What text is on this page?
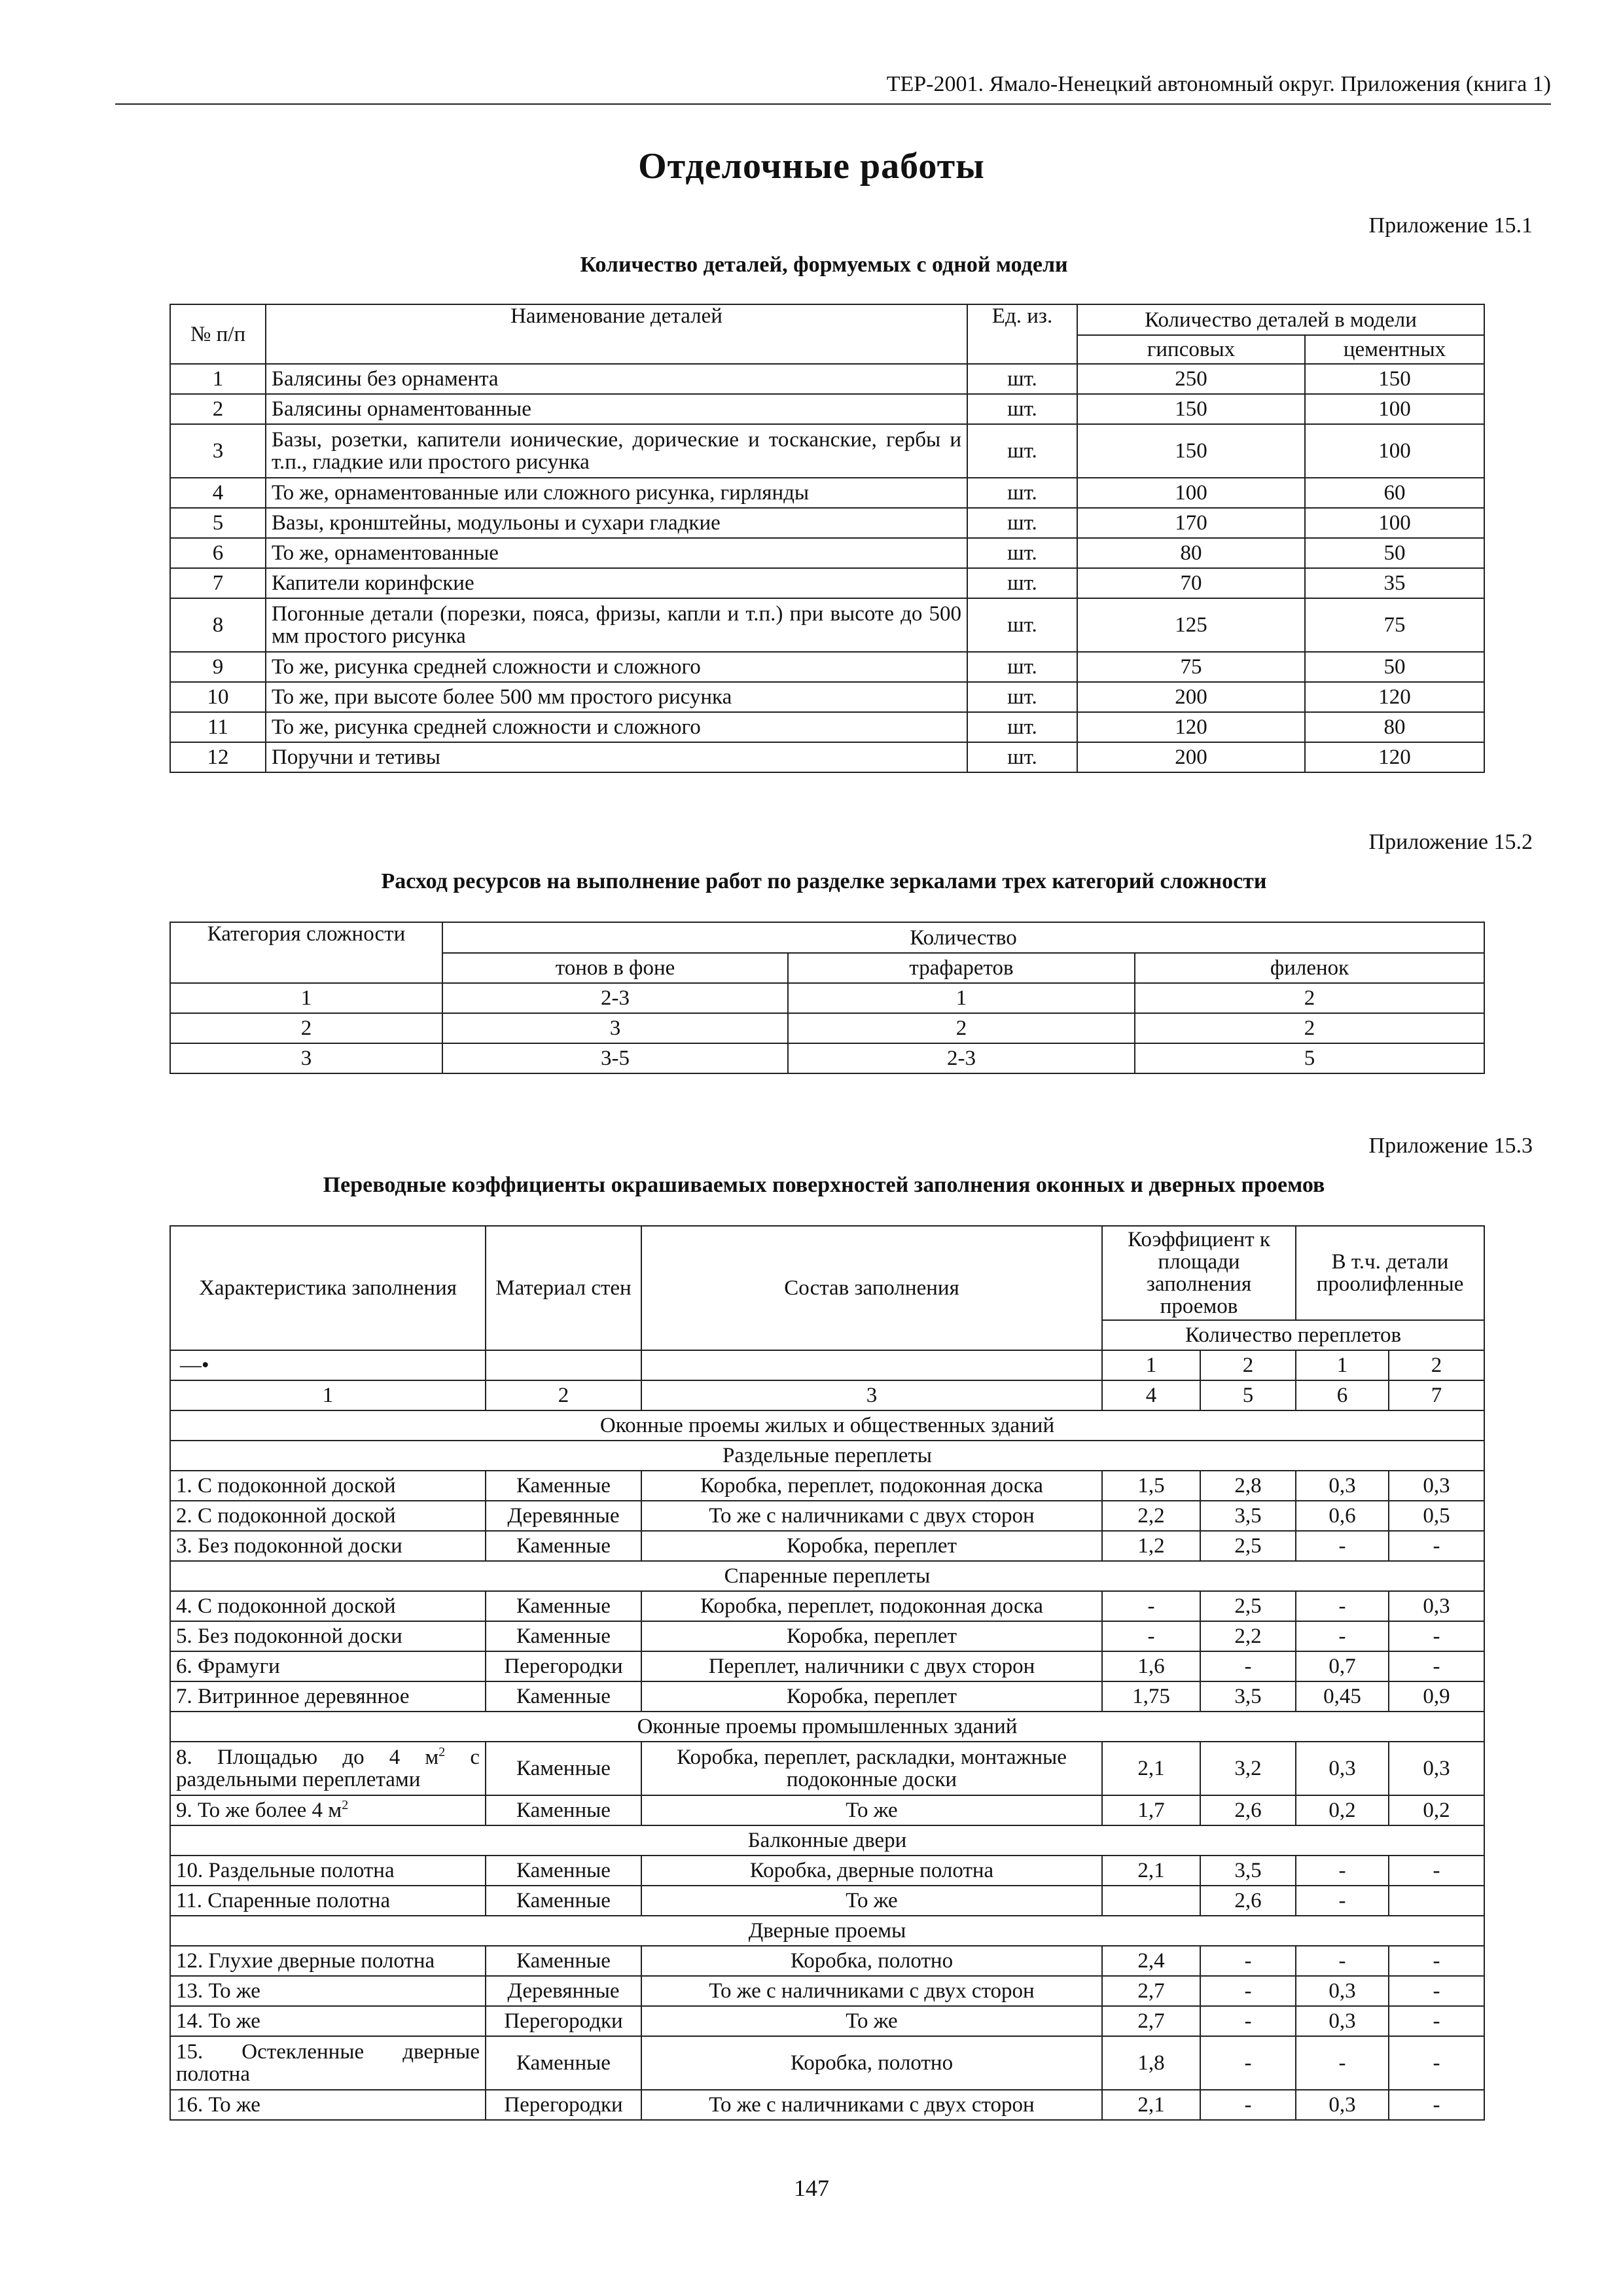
ТЕР-2001. Ямало-Ненецкий автономный округ. Приложения (книга 1)
Отделочные работы
Приложение 15.1
Количество деталей, формуемых с одной модели
№ п/п	Наименование деталей	Ед. из.	Количество деталей в модели	
			гипсовых	цементных
1	Балясины без орнамента	шт.	250	150
2	Балясины орнаментованные	шт.	150	100
3	Базы, розетки, капители ионические, дорические и тосканские, гербы и т.п., гладкие или простого рисунка	шт.	150	100
4	То же, орнаментованные или сложного рисунка, гирлянды	шт.	100	60
5	Вазы, кронштейны, модульоны и сухари гладкие	шт.	170	100
6	То же, орнаментованные	шт.	80	50
7	Капители коринфские	шт.	70	35
8	Погонные детали (порезки, пояса, фризы, капли и т.п.) при высоте до 500 мм простого рисунка	шт.	125	75
9	То же, рисунка средней сложности и сложного	шт.	75	50
10	То же, при высоте более 500 мм простого рисунка	шт.	200	120
11	То же, рисунка средней сложности и сложного	шт.	120	80
12	Поручни и тетивы	шт.	200	120
Приложение 15.2
Расход ресурсов на выполнение работ по разделке зеркалами трех категорий сложности
Категория сложности	Количество		
	тонов в фоне	трафаретов	филенок
1	2-3	1	2
2	3	2	2
3	3-5	2-3	5
Приложение 15.3
Переводные коэффициенты окрашиваемых поверхностей заполнения оконных и дверных проемов
Характеристика заполнения	Материал стен	Состав заполнения	Коэффициент к площади заполнения проемов		В т.ч. детали проолифленные	
			Количество переплетов			
—•			1	2	1	2
1	2	3	4	5	6	7
Оконные проемы жилых и общественных зданий						
Раздельные переплеты						
1. С подоконной доской	Каменные	Коробка, переплет, подоконная доска	1,5	2,8	0,3	0,3
2. С подоконной доской	Деревянные	То же с наличниками с двух сторон	2,2	3,5	0,6	0,5
3. Без подоконной доски	Каменные	Коробка, переплет	1,2	2,5	-	-
Спаренные переплеты						
4. С подоконной доской	Каменные	Коробка, переплет, подоконная доска	-	2,5	-	0,3
5. Без подоконной доски	Каменные	Коробка, переплет	-	2,2	-	-
6. Фрамуги	Перегородки	Переплет, наличники с двух сторон	1,6	-	0,7	-
7. Витринное деревянное	Каменные	Коробка, переплет	1,75	3,5	0,45	0,9
Оконные проемы промышленных зданий						
8. Площадью до 4 $м^2$ с раздельными переплетами	Каменные	Коробка, переплет, раскладки, монтажные подоконные доски	2,1	3,2	0,3	0,3
9. То же более 4 $м^2$	Каменные	То же	1,7	2,6	0,2	0,2
Балконные двери						
10. Раздельные полотна	Каменные	Коробка, дверные полотна	2,1	3,5	-	-
11. Спаренные полотна	Каменные	То же		2,6	-	
Дверные проемы						
12. Глухие дверные полотна	Каменные	Коробка, полотно	2,4	-	-	-
13. То же	Деревянные	То же с наличниками с двух сторон	2,7	-	0,3	-
14. То же	Перегородки	То же	2,7	-	0,3	-
15. Остекленные дверные полотна	Каменные	Коробка, полотно	1,8	-	-	-
16. То же	Перегородки	То же с наличниками с двух сторон	2,1	-	0,3	-
147
